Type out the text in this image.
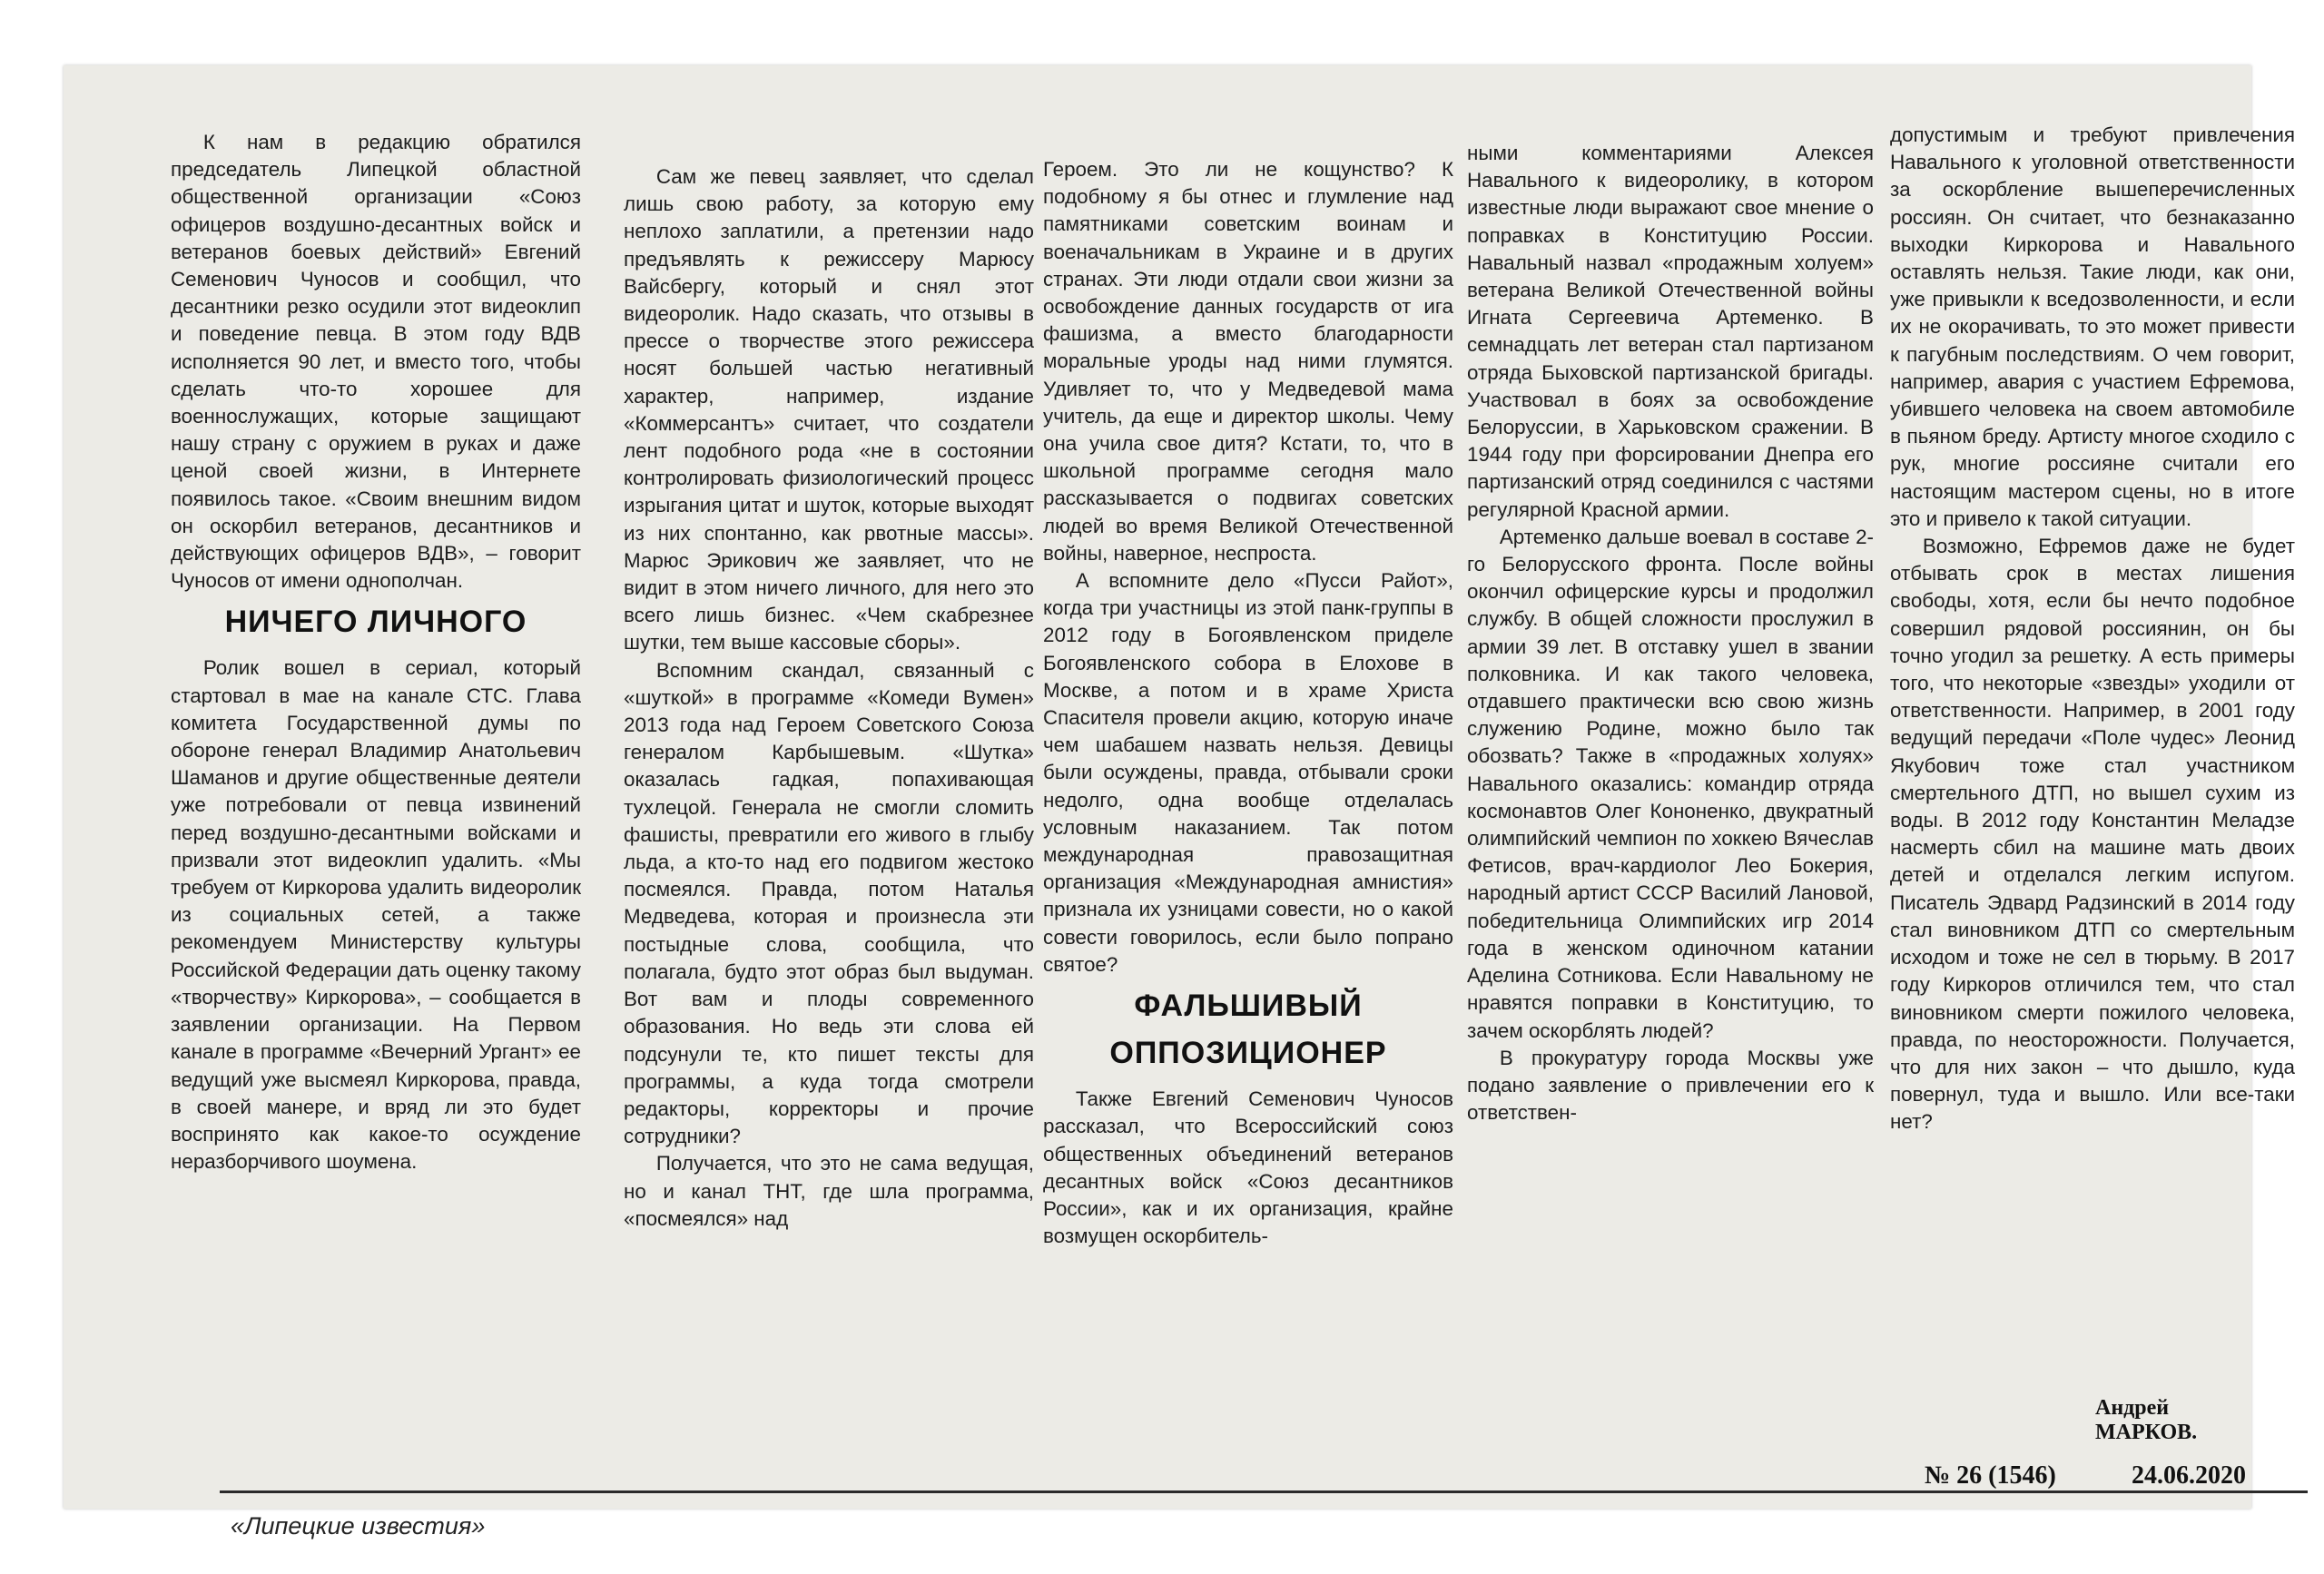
К нам в редакцию обратился председатель Липецкой областной общественной организации «Союз офицеров воздушно-десантных войск и ветеранов боевых действий» Евгений Семенович Чуносов и сообщил, что десантники резко осудили этот видеоклип и поведение певца. В этом году ВДВ исполняется 90 лет, и вместо того, чтобы сделать что-то хорошее для военнослужащих, которые защищают нашу страну с оружием в руках и даже ценой своей жизни, в Интернете появилось такое. «Своим внешним видом он оскорбил ветеранов, десантников и действующих офицеров ВДВ», – говорит Чуносов от имени однополчан.

НИЧЕГО ЛИЧНОГО

Ролик вошел в сериал, который стартовал в мае на канале СТС. Глава комитета Государственной думы по обороне генерал Владимир Анатольевич Шаманов и другие общественные деятели уже потребовали от певца извинений перед воздушно-десантными войсками и призвали этот видеоклип удалить. «Мы требуем от Киркорова удалить видеоролик из социальных сетей, а также рекомендуем Министерству культуры Российской Федерации дать оценку такому «творчеству» Киркорова», – сообщается в заявлении организации. На Первом канале в программе «Вечерний Ургант» ее ведущий уже высмеял Киркорова, правда, в своей манере, и вряд ли это будет воспринято как какое-то осуждение неразборчивого шоумена.

Сам же певец заявляет, что сделал лишь свою работу, за которую ему неплохо заплатили, а претензии надо предъявлять к режиссеру Марюсу Вайсбергу, который и снял этот видеоролик. Надо сказать, что отзывы в прессе о творчестве этого режиссера носят большей частью негативный характер, например, издание «Коммерсантъ» считает, что создатели лент подобного рода «не в состоянии контролировать физиологический процесс изрыгания цитат и шуток, которые выходят из них спонтанно, как рвотные массы». Марюс Эрикович же заявляет, что не видит в этом ничего личного, для него это всего лишь бизнес. «Чем скабрезнее шутки, тем выше кассовые сборы».

Вспомним скандал, связанный с «шуткой» в программе «Комеди Вумен» 2013 года над Героем Советского Союза генералом Карбышевым. «Шутка» оказалась гадкая, попахивающая тухлецой. Генерала не смогли сломить фашисты, превратили его живого в глыбу льда, а кто-то над его подвигом жестоко посмеялся. Правда, потом Наталья Медведева, которая и произнесла эти постыдные слова, сообщила, что полагала, будто этот образ был выдуман. Вот вам и плоды современного образования. Но ведь эти слова ей подсунули те, кто пишет тексты для программы, а куда тогда смотрели редакторы, корректоры и прочие сотрудники?

Получается, что это не сама ведущая, но и канал ТНТ, где шла программа, «посмеялся» над

Героем. Это ли не кощунство? К подобному я бы отнес и глумление над памятниками советским воинам и военачальникам в Украине и в других странах. Эти люди отдали свои жизни за освобождение данных государств от ига фашизма, а вместо благодарности моральные уроды над ними глумятся. Удивляет то, что у Медведевой мама учитель, да еще и директор школы. Чему она учила свое дитя? Кстати, то, что в школьной программе сегодня мало рассказывается о подвигах советских людей во время Великой Отечественной войны, наверное, неспроста.

А вспомните дело «Пусси Райот», когда три участницы из этой панк-группы в 2012 году в Богоявленском приделе Богоявленского собора в Елохове в Москве, а потом и в храме Христа Спасителя провели акцию, которую иначе чем шабашем назвать нельзя. Девицы были осуждены, правда, отбывали сроки недолго, одна вообще отделалась условным наказанием. Так потом международная правозащитная организация «Международная амнистия» признала их узницами совести, но о какой совести говорилось, если было попрано святое?

ФАЛЬШИВЫЙ ОППОЗИЦИОНЕР

Также Евгений Семенович Чуносов рассказал, что Всероссийский союз общественных объединений ветеранов десантных войск «Союз десантников России», как и их организация, крайне возмущен оскорбитель-

ными комментариями Алексея Навального к видеоролику, в котором известные люди выражают свое мнение о поправках в Конституцию России. Навальный назвал «продажным холуем» ветерана Великой Отечественной войны Игната Сергеевича Артеменко. В семнадцать лет ветеран стал партизаном отряда Быховской партизанской бригады. Участвовал в боях за освобождение Белоруссии, в Харьковском сражении. В 1944 году при форсировании Днепра его партизанский отряд соединился с частями регулярной Красной армии.

Артеменко дальше воевал в составе 2-го Белорусского фронта. После войны окончил офицерские курсы и продолжил службу. В общей сложности прослужил в армии 39 лет. В отставку ушел в звании полковника. И как такого человека, отдавшего практически всю свою жизнь служению Родине, можно было так обозвать? Также в «продажных холуях» Навального оказались: командир отряда космонавтов Олег Кононенко, двукратный олимпийский чемпион по хоккею Вячеслав Фетисов, врач-кардиолог Лео Бокерия, народный артист СССР Василий Лановой, победительница Олимпийских игр 2014 года в женском одиночном катании Аделина Сотникова. Если Навальному не нравятся поправки в Конституцию, то зачем оскорблять людей?

В прокуратуру города Москвы уже подано заявление о привлечении его к ответствен-

допустимым и требуют привлечения Навального к уголовной ответственности за оскорбление вышеперечисленных россиян. Он считает, что безнаказанно выходки Киркорова и Навального оставлять нельзя. Такие люди, как они, уже привыкли к вседозволенности, и если их не окорачивать, то это может привести к пагубным последствиям. О чем говорит, например, авария с участием Ефремова, убившего человека на своем автомобиле в пьяном бреду. Артисту многое сходило с рук, многие россияне считали его настоящим мастером сцены, но в итоге это и привело к такой ситуации.

Возможно, Ефремов даже не будет отбывать срок в местах лишения свободы, хотя, если бы нечто подобное совершил рядовой россиянин, он бы точно угодил за решетку. А есть примеры того, что некоторые «звезды» уходили от ответственности. Например, в 2001 году ведущий передачи «Поле чудес» Леонид Якубович тоже стал участником смертельного ДТП, но вышел сухим из воды. В 2012 году Константин Меладзе насмерть сбил на машине мать двоих детей и отделался легким испугом. Писатель Эдвард Радзинский в 2014 году стал виновником ДТП со смертельным исходом и тоже не сел в тюрьму. В 2017 году Киркоров отличился тем, что стал виновником смерти пожилого человека, правда, по неосторожности. Получается, что для них закон – что дышло, куда повернул, туда и вышло. Или все-таки нет?

Андрей МАРКОВ.
№ 26 (1546)	24.06.2020
«Липецкие известия»
